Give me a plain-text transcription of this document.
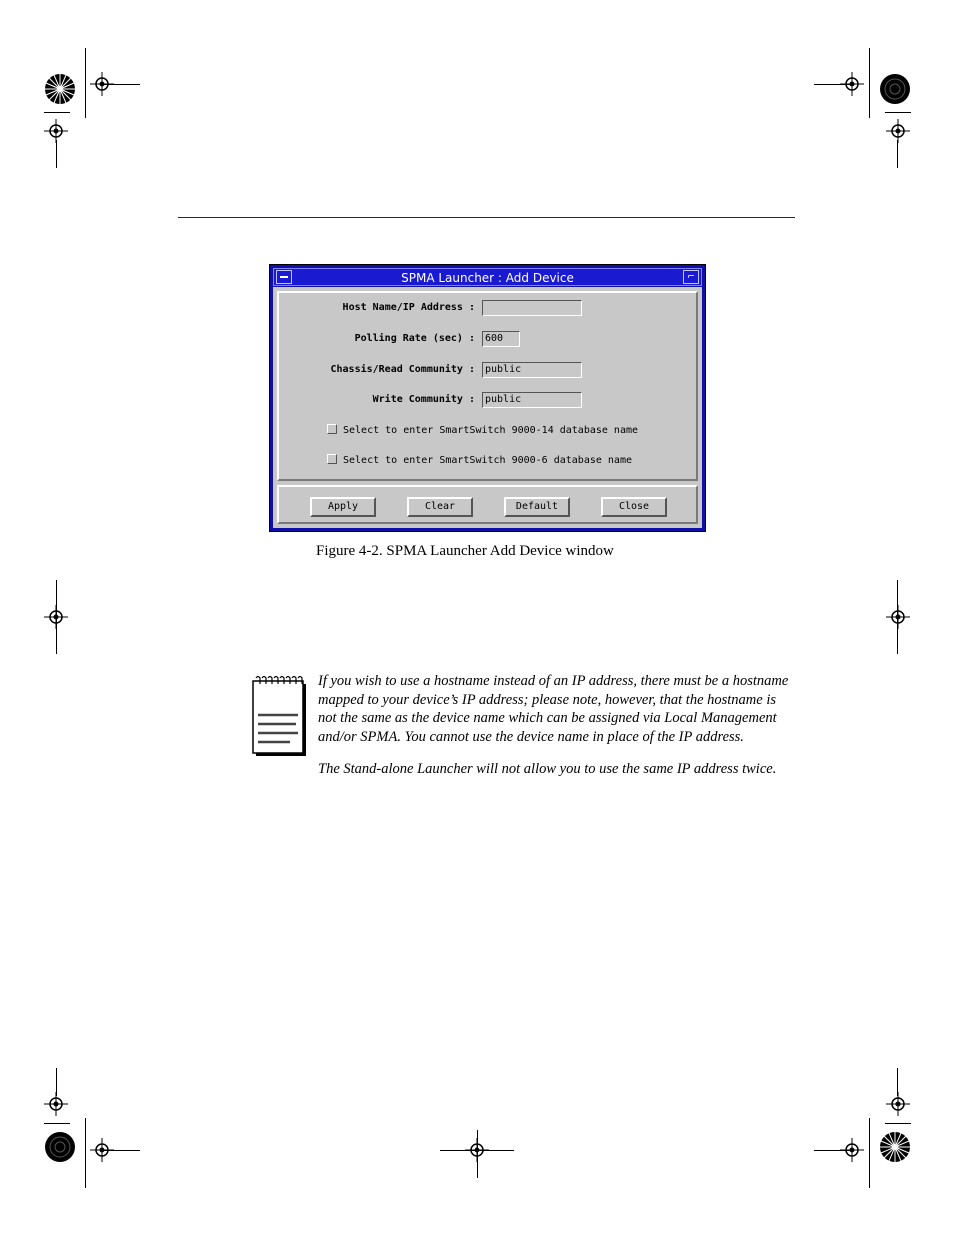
SPMA Launcher : Add Device	⌐
Host Name/IP Address :
Polling Rate (sec) :	600
Chassis/Read Community :	public
Write Community :	public
Select to enter SmartSwitch 9000-14 database name
Select to enter SmartSwitch 9000-6 database name
Apply	Clear	Default	Close
Figure 4-2. SPMA Launcher Add Device window

If you wish to use a hostname instead of an IP address, there must be a hostname mapped to your device’s IP address; please note, however, that the hostname is not the same as the device name which can be assigned via Local Management and/or SPMA. You cannot use the device name in place of the IP address.

The Stand-alone Launcher will not allow you to use the same IP address twice.
